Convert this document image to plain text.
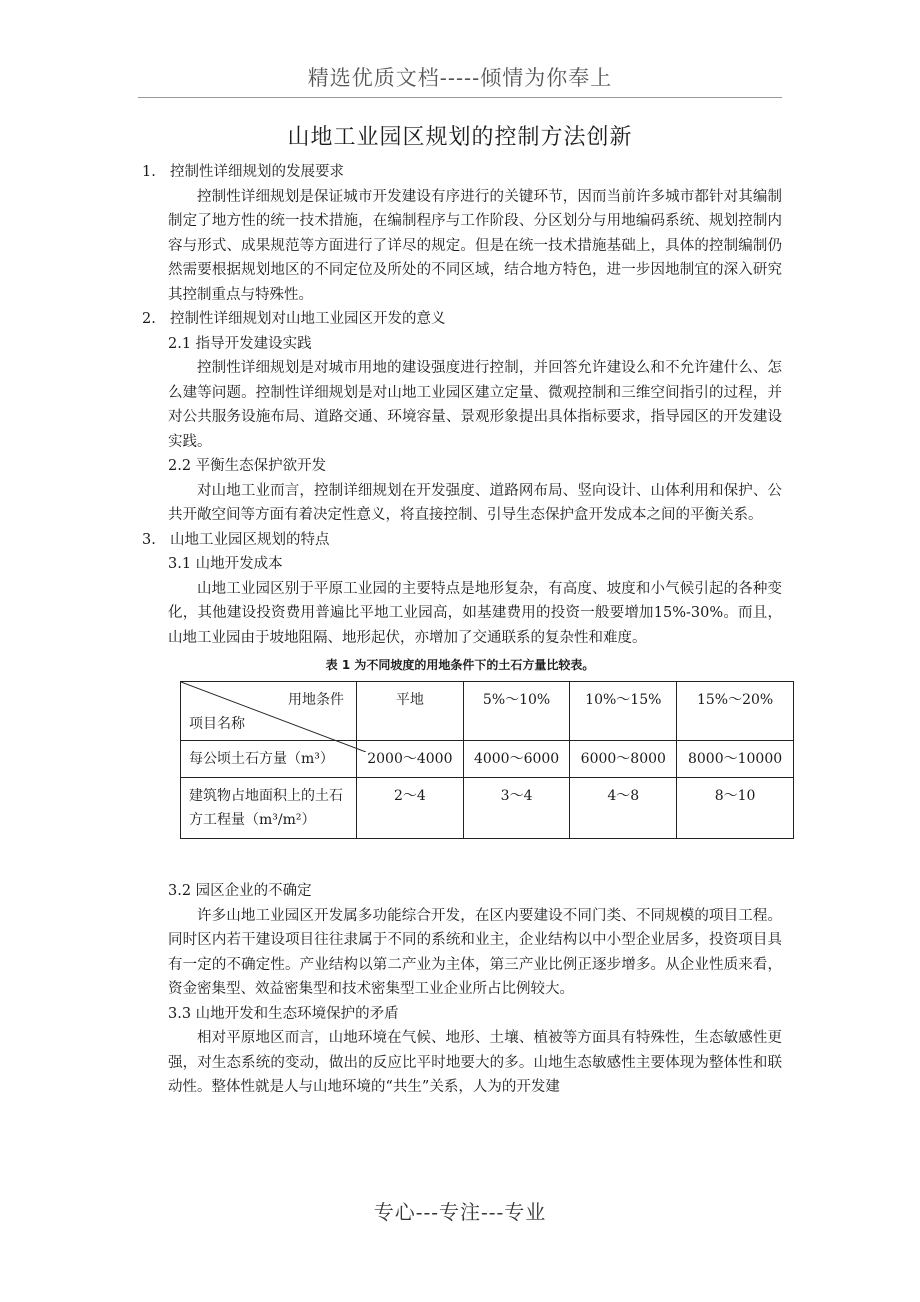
精选优质文档-----倾情为你奉上
山地工业园区规划的控制方法创新

1. 控制性详细规划的发展要求

控制性详细规划是保证城市开发建设有序进行的关键环节，因而当前许多城市都针对其编制制定了地方性的统一技术措施，在编制程序与工作阶段、分区划分与用地编码系统、规划控制内容与形式、成果规范等方面进行了详尽的规定。但是在统一技术措施基础上，具体的控制编制仍然需要根据规划地区的不同定位及所处的不同区域，结合地方特色，进一步因地制宜的深入研究其控制重点与特殊性。

2. 控制性详细规划对山地工业园区开发的意义

2.1 指导开发建设实践

控制性详细规划是对城市用地的建设强度进行控制，并回答允许建设么和不允许建什么、怎么建等问题。控制性详细规划是对山地工业园区建立定量、微观控制和三维空间指引的过程，并对公共服务设施布局、道路交通、环境容量、景观形象提出具体指标要求，指导园区的开发建设实践。

2.2 平衡生态保护欲开发

对山地工业而言，控制详细规划在开发强度、道路网布局、竖向设计、山体利用和保护、公共开敞空间等方面有着决定性意义，将直接控制、引导生态保护盒开发成本之间的平衡关系。

3. 山地工业园区规划的特点

3.1 山地开发成本

山地工业园区别于平原工业园的主要特点是地形复杂，有高度、坡度和小气候引起的各种变化，其他建设投资费用普遍比平地工业园高，如基建费用的投资一般要增加15%-30%。而且，山地工业园由于坡地阻隔、地形起伏，亦增加了交通联系的复杂性和难度。

表 1 为不同坡度的用地条件下的土石方量比较表。
用地条件
项目名称	平地	5%～10%	10%～15%	15%～20%
每公顷土石方量（m³）	2000～4000	4000～6000	6000～8000	8000～10000
建筑物占地面积上的土石方工程量（m³/m²）	2～4	3～4	4～8	8～10

3.2 园区企业的不确定

许多山地工业园区开发属多功能综合开发，在区内要建设不同门类、不同规模的项目工程。同时区内若干建设项目往往隶属于不同的系统和业主，企业结构以中小型企业居多，投资项目具有一定的不确定性。产业结构以第二产业为主体，第三产业比例正逐步增多。从企业性质来看，资金密集型、效益密集型和技术密集型工业企业所占比例较大。

3.3 山地开发和生态环境保护的矛盾

相对平原地区而言，山地环境在气候、地形、土壤、植被等方面具有特殊性，生态敏感性更强，对生态系统的变动，做出的反应比平时地要大的多。山地生态敏感性主要体现为整体性和联动性。整体性就是人与山地环境的“共生”关系，人为的开发建

专心---专注---专业
